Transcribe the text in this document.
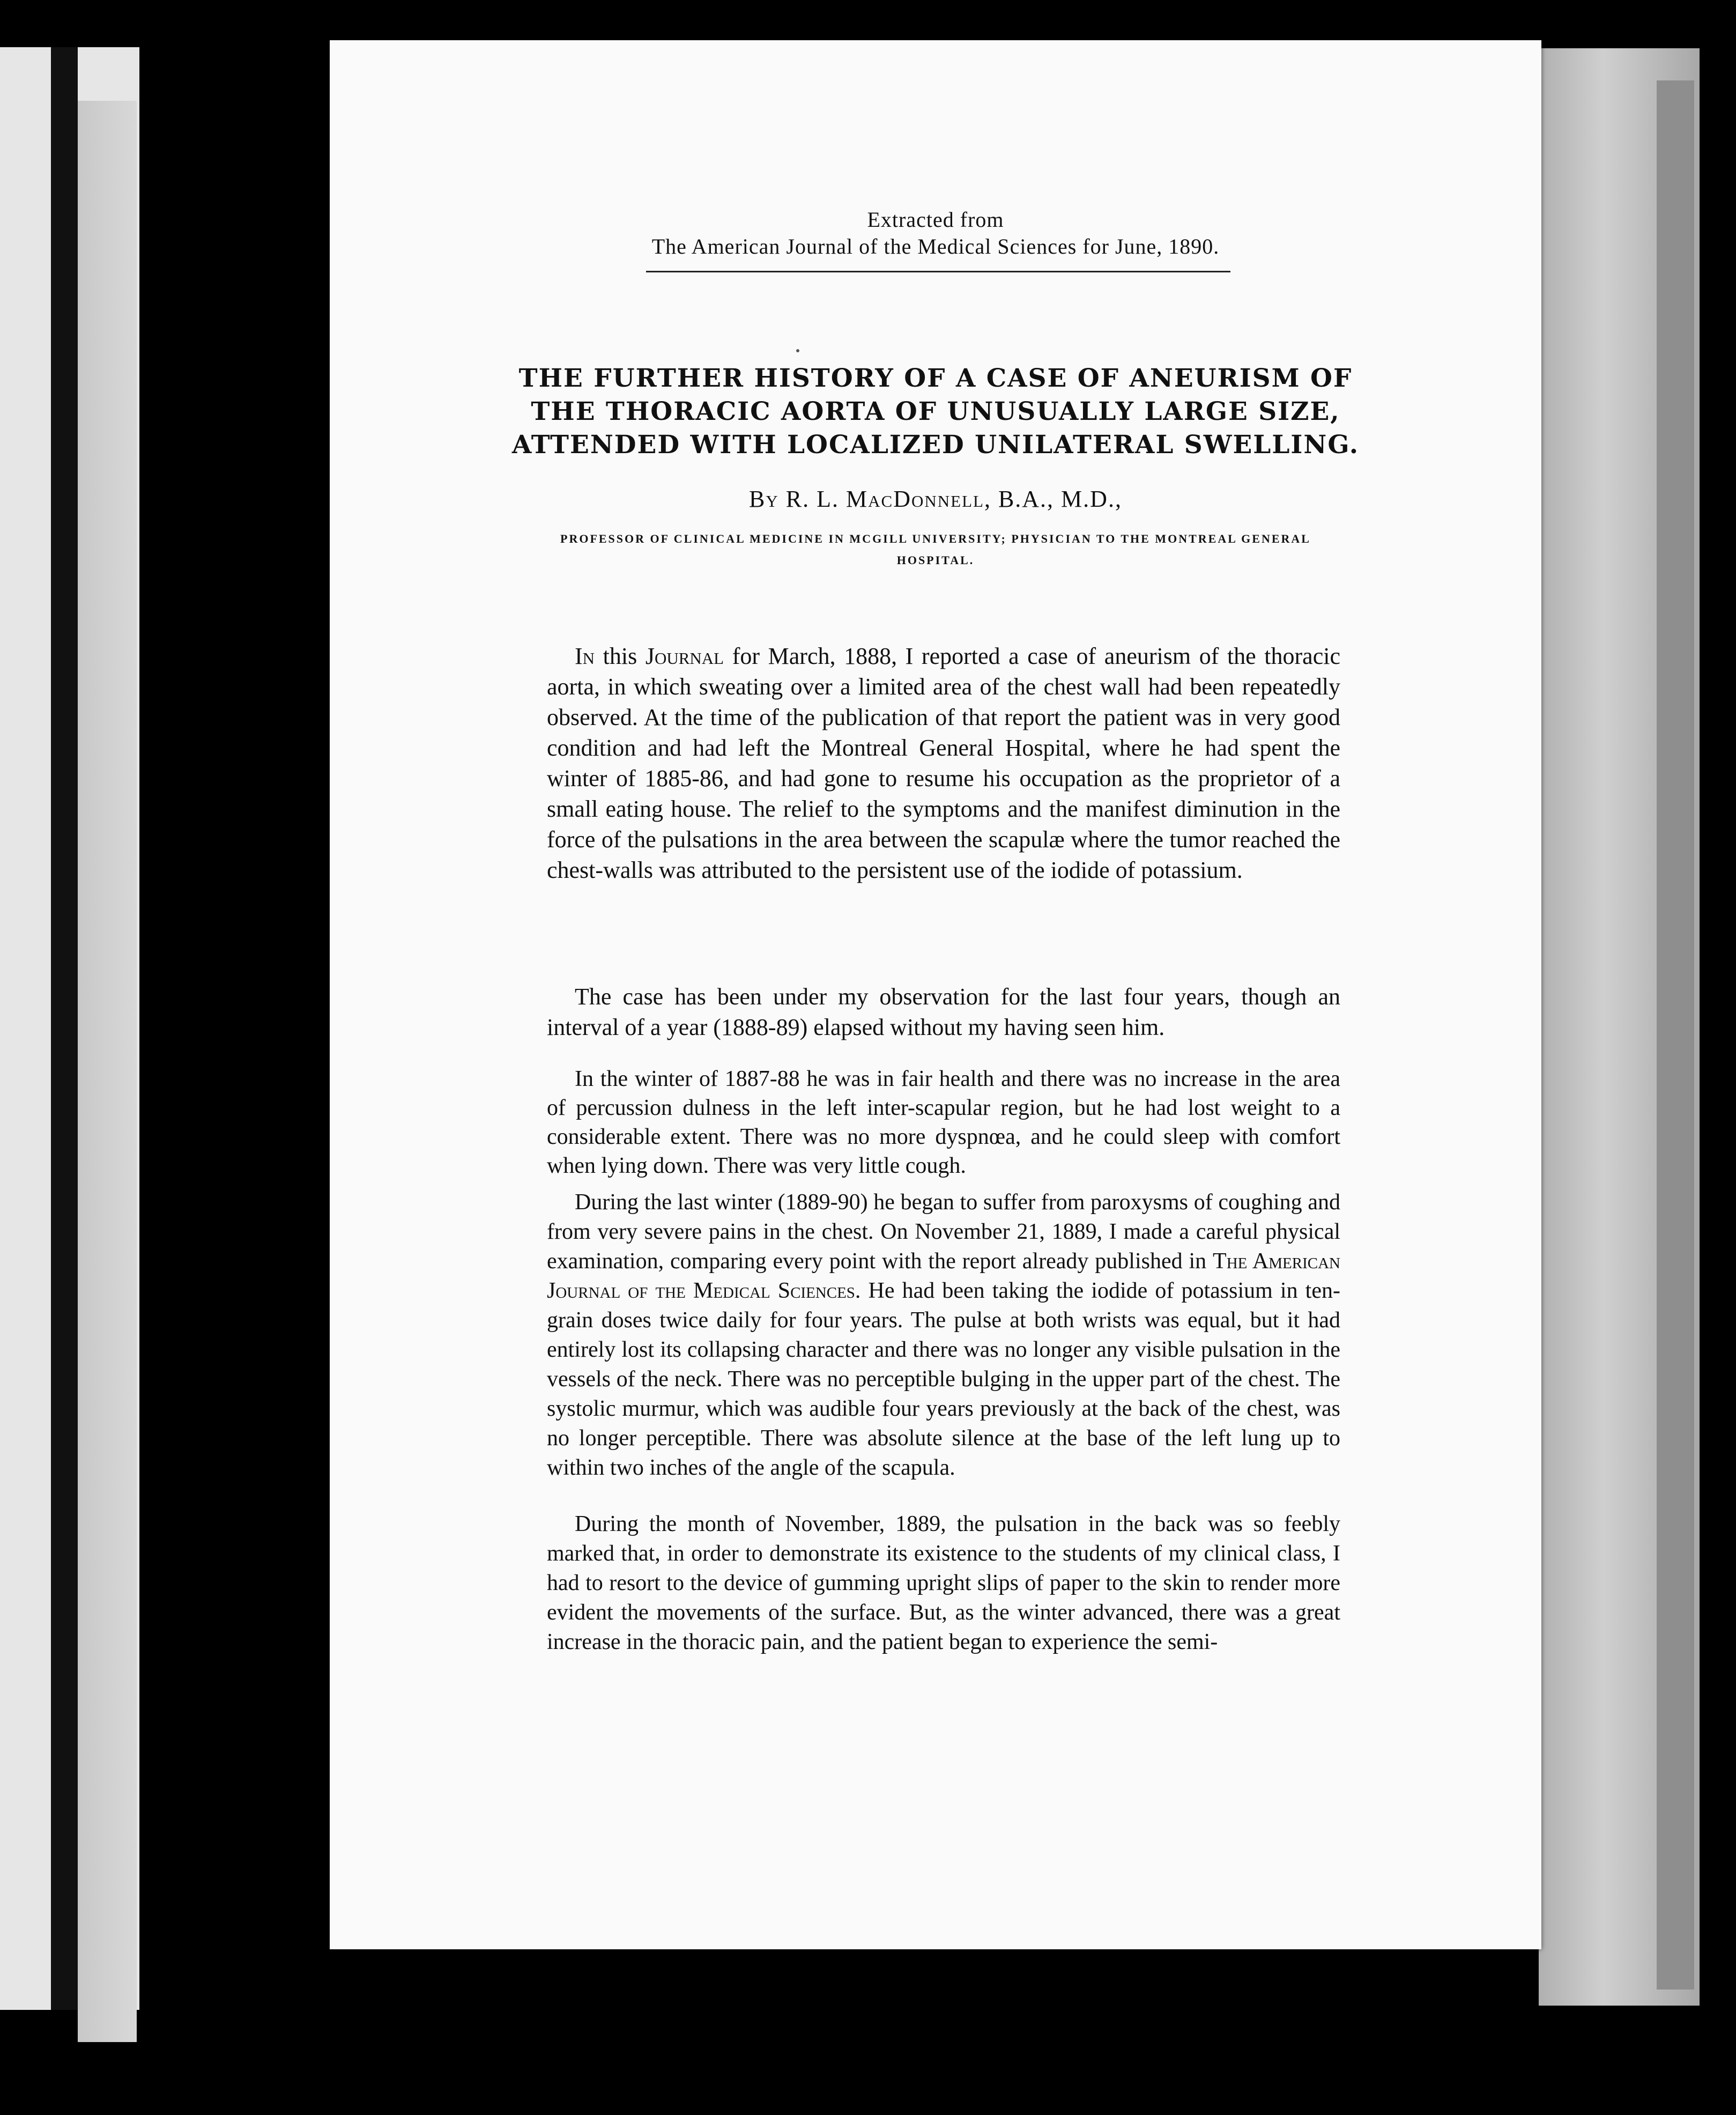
Extracted from
The American Journal of the Medical Sciences for June, 1890.
THE FURTHER HISTORY OF A CASE OF ANEURISM OF THE THORACIC AORTA OF UNUSUALLY LARGE SIZE, ATTENDED WITH LOCALIZED UNILATERAL SWELLING.
By R. L. MacDonnell, B.A., M.D.,
PROFESSOR OF CLINICAL MEDICINE IN MCGILL UNIVERSITY; PHYSICIAN TO THE MONTREAL GENERAL HOSPITAL.

In this Journal for March, 1888, I reported a case of aneurism of the thoracic aorta, in which sweating over a limited area of the chest wall had been repeatedly observed. At the time of the publication of that report the patient was in very good condition and had left the Montreal General Hospital, where he had spent the winter of 1885-86, and had gone to resume his occupation as the proprietor of a small eating house. The relief to the symptoms and the manifest diminution in the force of the pulsations in the area between the scapulæ where the tumor reached the chest-walls was attributed to the persistent use of the iodide of potassium.

The case has been under my observation for the last four years, though an interval of a year (1888-89) elapsed without my having seen him.

In the winter of 1887-88 he was in fair health and there was no increase in the area of percussion dulness in the left inter-scapular region, but he had lost weight to a considerable extent. There was no more dyspnœa, and he could sleep with comfort when lying down. There was very little cough.

During the last winter (1889-90) he began to suffer from paroxysms of coughing and from very severe pains in the chest. On November 21, 1889, I made a careful physical examination, comparing every point with the report already published in The American Journal of the Medical Sciences. He had been taking the iodide of potassium in ten-grain doses twice daily for four years. The pulse at both wrists was equal, but it had entirely lost its collapsing character and there was no longer any visible pulsation in the vessels of the neck. There was no perceptible bulging in the upper part of the chest. The systolic murmur, which was audible four years previously at the back of the chest, was no longer perceptible. There was absolute silence at the base of the left lung up to within two inches of the angle of the scapula.

During the month of November, 1889, the pulsation in the back was so feebly marked that, in order to demonstrate its existence to the students of my clinical class, I had to resort to the device of gumming upright slips of paper to the skin to render more evident the movements of the surface. But, as the winter advanced, there was a great increase in the thoracic pain, and the patient began to experience the semi-
